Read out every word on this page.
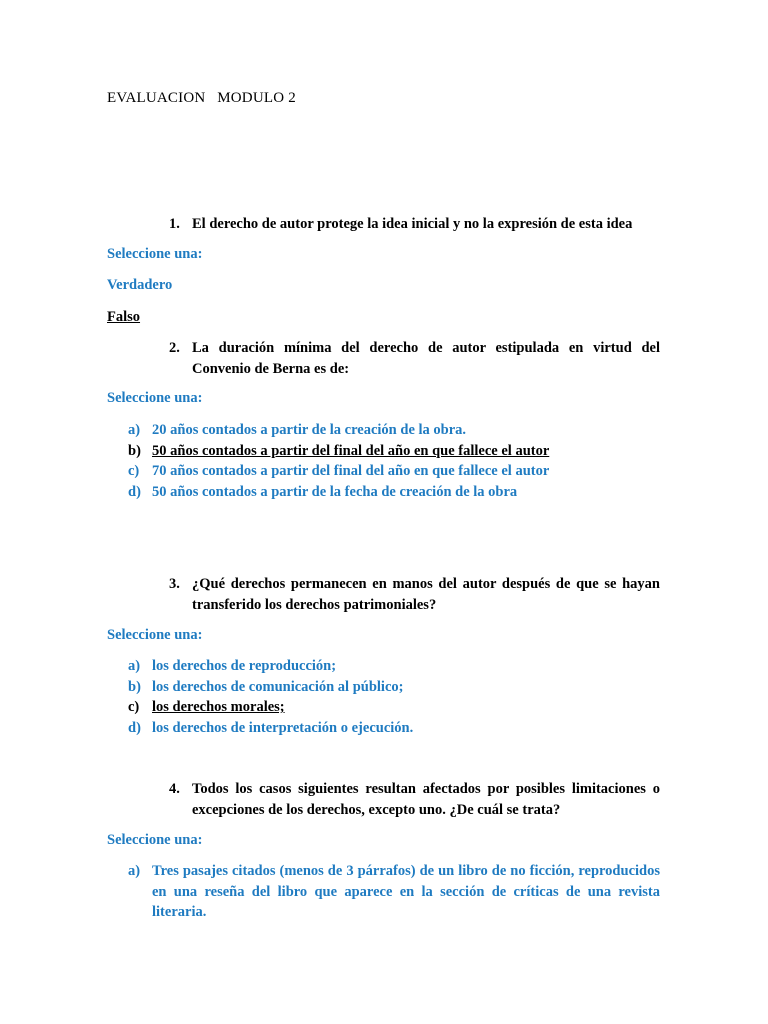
EVALUACION   MODULO 2
1. El derecho de autor protege la idea inicial y no la expresión de esta idea
Seleccione una:
Verdadero
Falso
2. La duración mínima del derecho de autor estipulada en virtud del Convenio de Berna es de:
Seleccione una:
a) 20 años contados a partir de la creación de la obra.
b) 50 años contados a partir del final del año en que fallece el autor
c) 70 años contados a partir del final del año en que fallece el autor
d) 50 años contados a partir de la fecha de creación de la obra
3. ¿Qué derechos permanecen en manos del autor después de que se hayan transferido los derechos patrimoniales?
Seleccione una:
a) los derechos de reproducción;
b) los derechos de comunicación al público;
c) los derechos morales;
d) los derechos de interpretación o ejecución.
4. Todos los casos siguientes resultan afectados por posibles limitaciones o excepciones de los derechos, excepto uno. ¿De cuál se trata?
Seleccione una:
a) Tres pasajes citados (menos de 3 párrafos) de un libro de no ficción, reproducidos en una reseña del libro que aparece en la sección de críticas de una revista literaria.
